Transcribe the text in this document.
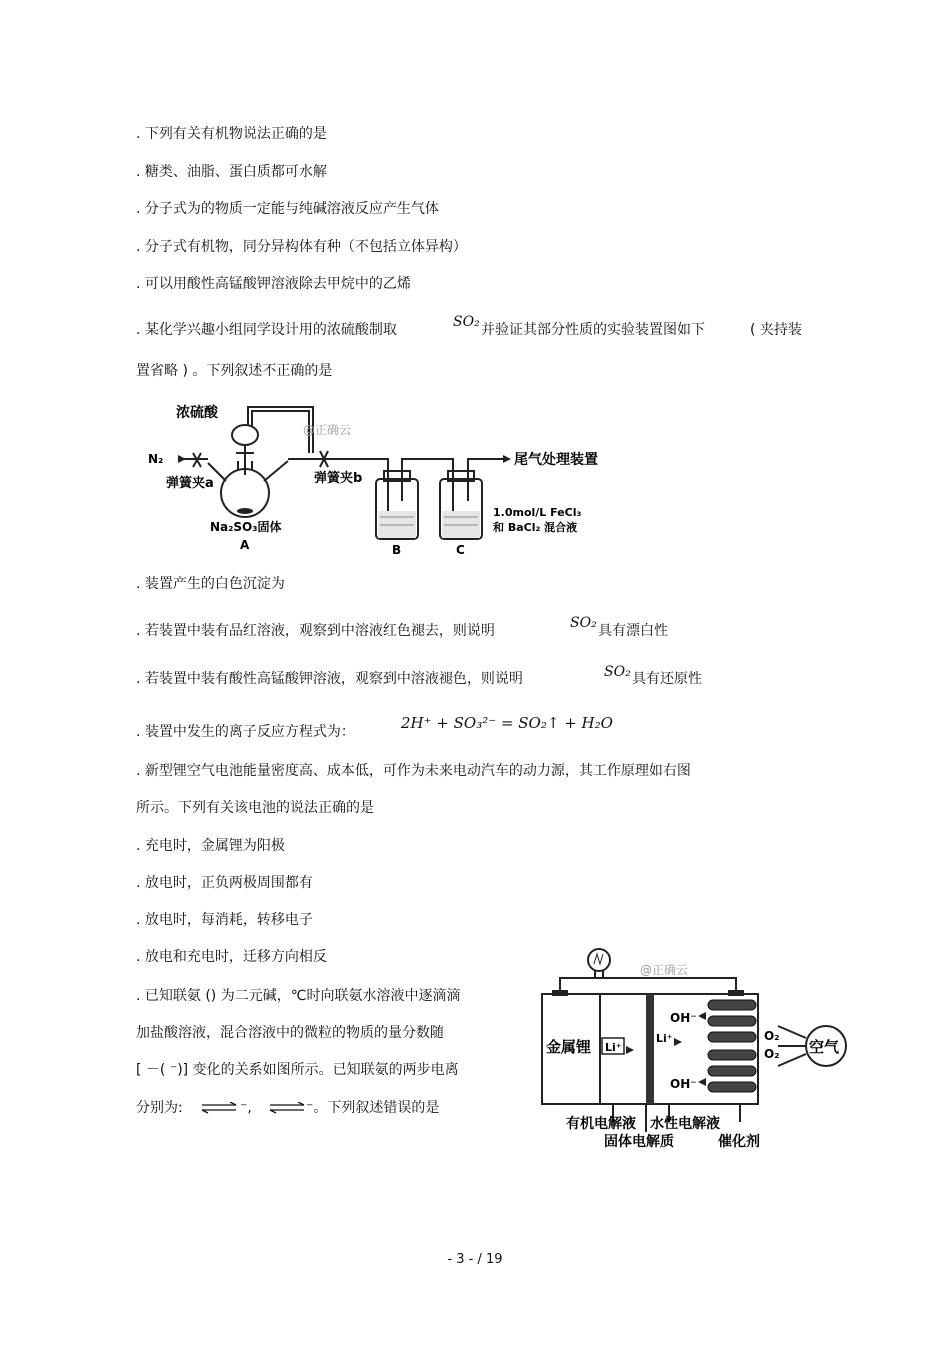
. 下列有关有机物说法正确的是
. 糖类、油脂、蛋白质都可水解
. 分子式为的物质一定能与纯碱溶液反应产生气体
. 分子式有机物，同分异构体有种（不包括立体异构）
. 可以用酸性高锰酸钾溶液除去甲烷中的乙烯
. 某化学兴趣小组同学设计用的浓硫酸制取	SO₂ 并验证其部分性质的实验装置图如下	( 夹持装
置省略 ) 。下列叙述不正确的是
浓硫酸
N₂
弹簧夹a	弹簧夹b
Na₂SO₃固体
A	B	C
尾气处理装置
1.0mol/L FeCl₃
和 BaCl₂ 混合液
@正确云
. 装置产生的白色沉淀为
. 若装置中装有品红溶液，观察到中溶液红色褪去，则说明	SO₂ 具有漂白性
. 若装置中装有酸性高锰酸钾溶液，观察到中溶液褪色，则说明	SO₂ 具有还原性
. 装置中发生的离子反应方程式为：	2H⁺ + SO₃²⁻ = SO₂↑ + H₂O
. 新型锂空气电池能量密度高、成本低，可作为未来电动汽车的动力源，其工作原理如右图
所示。下列有关该电池的说法正确的是
. 充电时，金属锂为阳极
. 放电时，正负两极周围都有
. 放电时，每消耗，转移电子
. 放电和充电时，迁移方向相反
. 已知联氨 () 为二元碱，℃时向联氨水溶液中逐滴滴
加盐酸溶液，混合溶液中的微粒的物质的量分数随
[ －( ⁻)] 变化的关系如图所示。已知联氨的两步电离
分别为: ⇌ ⁻, ⇌ ⁻。下列叙述错误的是
金属锂 Li⁺
Li⁺
OH⁻
OH⁻
O₂
O₂ 空气
有机电解液 水性电解液
固体电解质	催化剂
@正确云
- 3 - / 19
